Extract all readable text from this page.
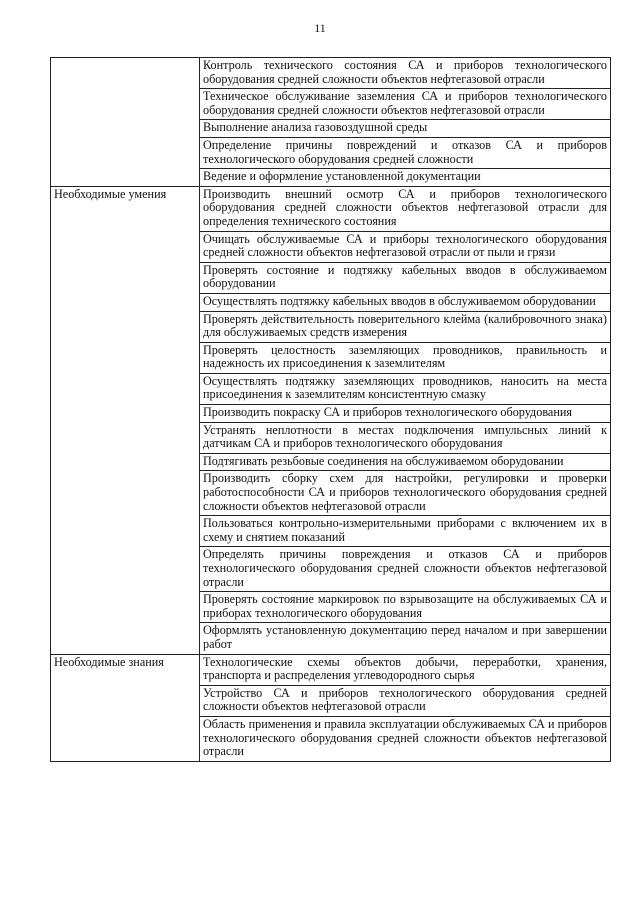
11
	Контроль технического состояния СА и приборов технологического оборудования средней сложности объектов нефтегазовой отрасли
	Техническое обслуживание заземления СА и приборов технологического оборудования средней сложности объектов нефтегазовой отрасли
	Выполнение анализа газовоздушной среды
	Определение причины повреждений и отказов СА и приборов технологического оборудования средней сложности
	Ведение и оформление установленной документации
Необходимые умения	Производить внешний осмотр СА и приборов технологического оборудования средней сложности объектов нефтегазовой отрасли для определения технического состояния
	Очищать обслуживаемые СА и приборы технологического оборудования средней сложности объектов нефтегазовой отрасли от пыли и грязи
	Проверять состояние и подтяжку кабельных вводов в обслуживаемом оборудовании
	Осуществлять подтяжку кабельных вводов в обслуживаемом оборудовании
	Проверять действительность поверительного клейма (калибровочного знака) для обслуживаемых средств измерения
	Проверять целостность заземляющих проводников, правильность и надежность их присоединения к заземлителям
	Осуществлять подтяжку заземляющих проводников, наносить на места присоединения к заземлителям консистентную смазку
	Производить покраску СА и приборов технологического оборудования
	Устранять неплотности в местах подключения импульсных линий к датчикам СА и приборов технологического оборудования
	Подтягивать резьбовые соединения на обслуживаемом оборудовании
	Производить сборку схем для настройки, регулировки и проверки работоспособности СА и приборов технологического оборудования средней сложности объектов нефтегазовой отрасли
	Пользоваться контрольно-измерительными приборами с включением их в схему и снятием показаний
	Определять причины повреждения и отказов СА и приборов технологического оборудования средней сложности объектов нефтегазовой отрасли
	Проверять состояние маркировок по взрывозащите на обслуживаемых СА и приборах технологического оборудования
	Оформлять установленную документацию перед началом и при завершении работ
Необходимые знания	Технологические схемы объектов добычи, переработки, хранения, транспорта и распределения углеводородного сырья
	Устройство СА и приборов технологического оборудования средней сложности объектов нефтегазовой отрасли
	Область применения и правила эксплуатации обслуживаемых СА и приборов технологического оборудования средней сложности объектов нефтегазовой отрасли
